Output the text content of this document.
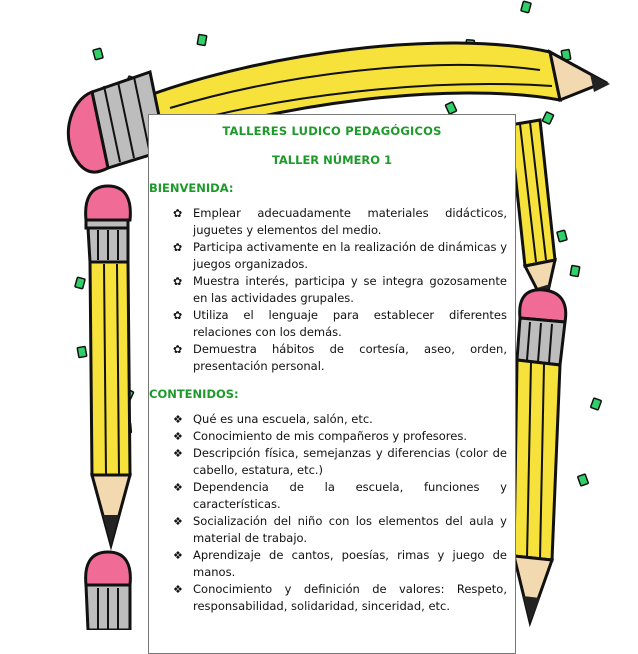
TALLERES LUDICO PEDAGÓGICOS
TALLER NÚMERO 1
BIENVENIDA:
✿ Emplear adecuadamente materiales didácticos, juguetes y elementos del medio.
✿ Participa activamente en la realización de dinámicas y juegos organizados.
✿ Muestra interés, participa y se integra gozosamente en las actividades grupales.
✿ Utiliza el lenguaje para establecer diferentes relaciones con los demás.
✿ Demuestra hábitos de cortesía, aseo, orden, presentación personal.
CONTENIDOS:
❖ Qué es una escuela, salón, etc.
❖ Conocimiento de mis compañeros y profesores.
❖ Descripción física, semejanzas y diferencias (color de cabello, estatura, etc.)
❖ Dependencia de la escuela, funciones y características.
❖ Socialización del niño con los elementos del aula y material de trabajo.
❖ Aprendizaje de cantos, poesías, rimas y juego de manos.
❖ Conocimiento y definición de valores: Respeto, responsabilidad, solidaridad, sinceridad, etc.
